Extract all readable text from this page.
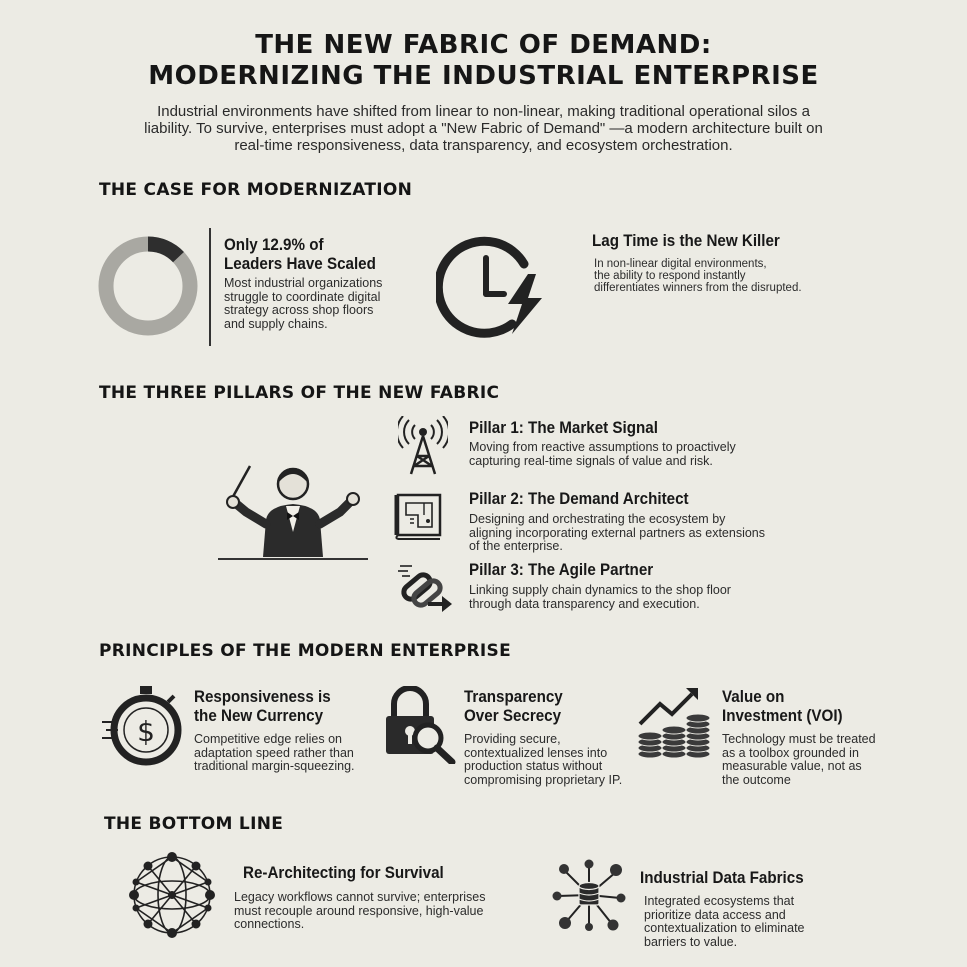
THE NEW FABRIC OF DEMAND:
MODERNIZING THE INDUSTRIAL ENTERPRISE
Industrial environments have shifted from linear to non-linear, making traditional operational silos a liability. To survive, enterprises must adopt a "New Fabric of Demand" —a modern architecture built on real-time responsiveness, data transparency, and ecosystem orchestration.
THE CASE FOR MODERNIZATION
Only 12.9% of
Leaders Have Scaled
Most industrial organizations struggle to coordinate digital strategy across shop floors and supply chains.
Lag Time is the New Killer
In non-linear digital environments,
the ability to respond instantly
differentiates winners from the disrupted.
THE THREE PILLARS OF THE NEW FABRIC
Pillar 1: The Market Signal
Moving from reactive assumptions to proactively capturing real-time signals of value and risk.
Pillar 2: The Demand Architect
Designing and orchestrating the ecosystem by aligning incorporating external partners as extensions of the enterprise.
Pillar 3: The Agile Partner
Linking supply chain dynamics to the shop floor through data transparency and execution.
PRINCIPLES OF THE MODERN ENTERPRISE
$
Responsiveness is
the New Currency
Competitive edge relies on adaptation speed rather than traditional margin-squeezing.
Transparency
Over Secrecy
Providing secure, contextualized lenses into production status without compromising proprietary IP.
Value on
Investment (VOI)
Technology must be treated as a toolbox grounded in measurable value, not as the outcome
THE BOTTOM LINE
Re-Architecting for Survival
Legacy workflows cannot survive; enterprises must recouple around responsive, high-value connections.
Industrial Data Fabrics
Integrated ecosystems that prioritize data access and contextualization to eliminate barriers to value.
